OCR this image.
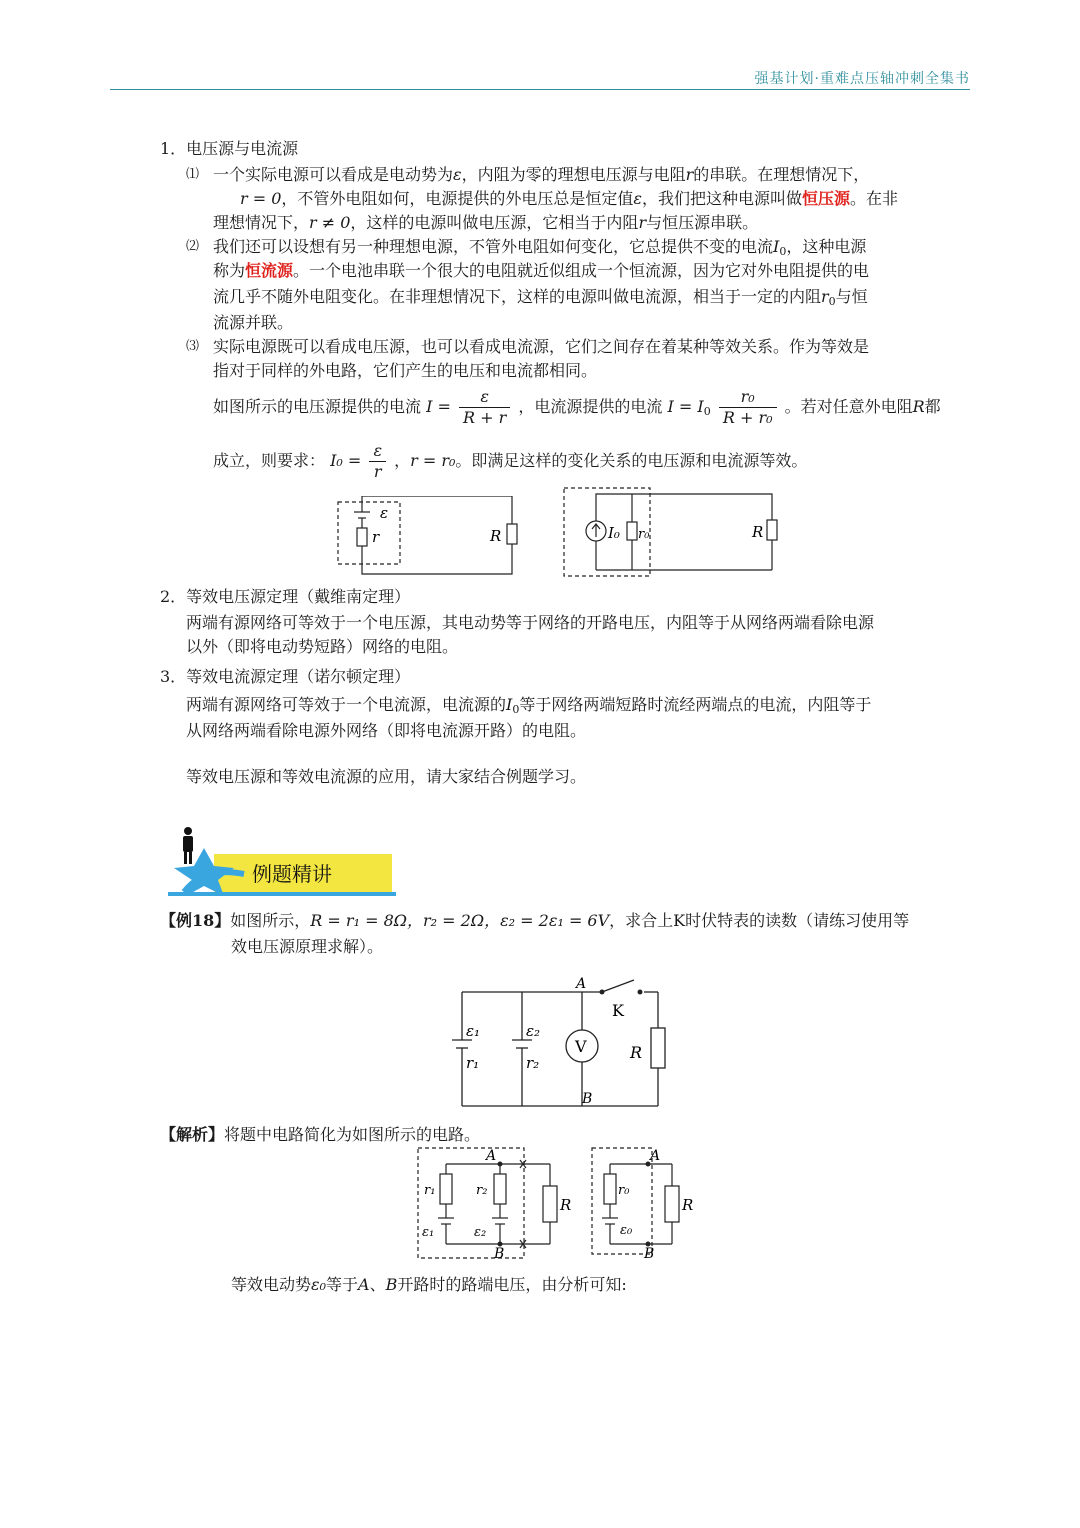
强基计划·重难点压轴冲刺全集书
1．电压源与电流源
⑴ 一个实际电源可以看成是电动势为ε，内阻为零的理想电压源与电阻r的串联。在理想情况下，
r = 0，不管外电阻如何，电源提供的外电压总是恒定值ε，我们把这种电源叫做恒压源。在非
理想情况下，r ≠ 0，这样的电源叫做电压源，它相当于内阻r与恒压源串联。
⑵ 我们还可以设想有另一种理想电源，不管外电阻如何变化，它总提供不变的电流$I_0$，这种电源
称为恒流源。一个电池串联一个很大的电阻就近似组成一个恒流源，因为它对外电阻提供的电
流几乎不随外电阻变化。在非理想情况下，这样的电源叫做电流源，相当于一定的内阻$r_0$与恒
流源并联。
⑶ 实际电源既可以看成电压源，也可以看成电流源，它们之间存在着某种等效关系。作为等效是
指对于同样的外电路，它们产生的电压和电流都相同。
如图所示的电压源提供的电流 $I = \frac{\varepsilon}{R + r}$ ，电流源提供的电流 $I = I_0 \frac{\text{r₀}}{\text{R + r₀}}$ 。若对任意外电阻R都
成立，则要求： $I_0 = \frac{\varepsilon}{r}$ ，r = r₀。即满足这样的变化关系的电压源和电流源等效。
ε
r	R	I₀ r₀	R
2．等效电压源定理（戴维南定理）
两端有源网络可等效于一个电压源，其电动势等于网络的开路电压，内阻等于从网络两端看除电源
以外（即将电动势短路）网络的电阻。
3．等效电流源定理（诺尔顿定理）
两端有源网络可等效于一个电流源，电流源的$I_0$等于网络两端短路时流经两端点的电流，内阻等于
从网络两端看除电源外网络（即将电流源开路）的电阻。
等效电压源和等效电流源的应用，请大家结合例题学习。
例题精讲
【例18】如图所示，R = r₁ = 8Ω，r₂ = 2Ω，ε₂ = 2ε₁ = 6V，求合上K时伏特表的读数（请练习使用等
效电压源原理求解）。
A
B
K
ε₁	ε₂
r₁	r₂
V	R
【解析】将题中电路简化为如图所示的电路。
A
B
r₁	r₂
ε₁	ε₂
R
A
B
r₀
ε₀
R
等效电动势ε₀等于A、B开路时的路端电压，由分析可知:
